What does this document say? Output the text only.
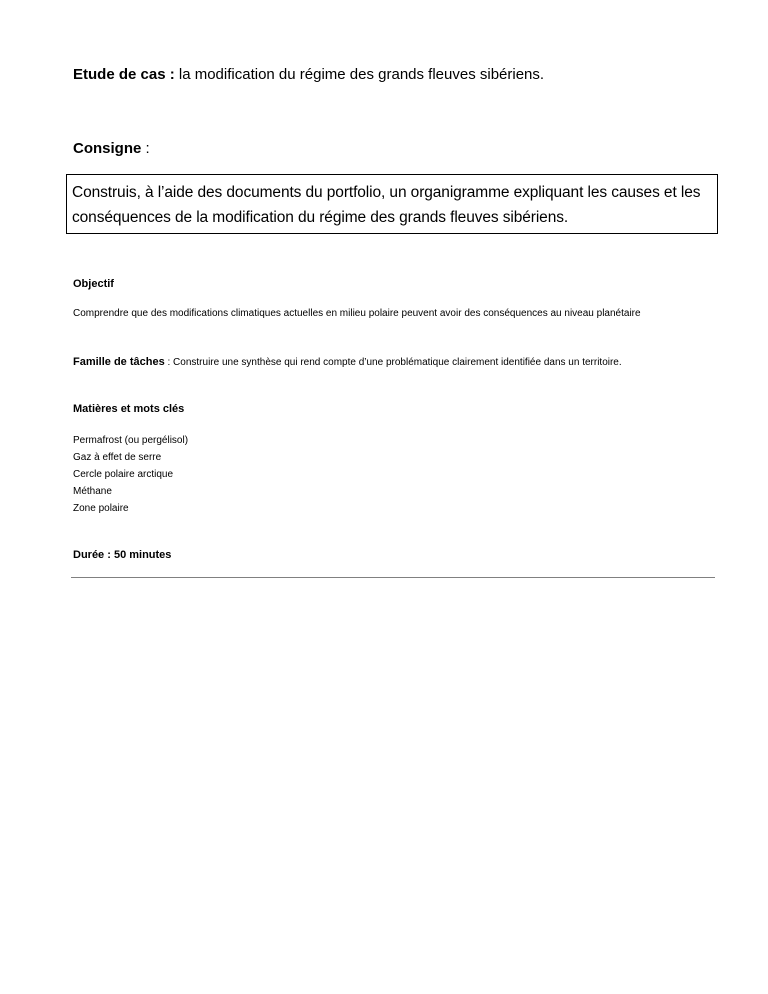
Etude de cas : la modification du régime des grands fleuves sibériens.
Consigne :
Construis, à l’aide des documents du portfolio, un organigramme expliquant les causes et les conséquences de la modification du régime des grands fleuves sibériens.
Objectif
Comprendre que des modifications climatiques actuelles en milieu polaire peuvent avoir des conséquences au niveau planétaire
Famille de tâches : Construire une synthèse qui rend compte d’une problématique clairement identifiée dans un territoire.
Matières et mots clés
Permafrost (ou pergélisol)
Gaz à effet de serre
Cercle polaire arctique
Méthane
Zone polaire
Durée : 50 minutes
